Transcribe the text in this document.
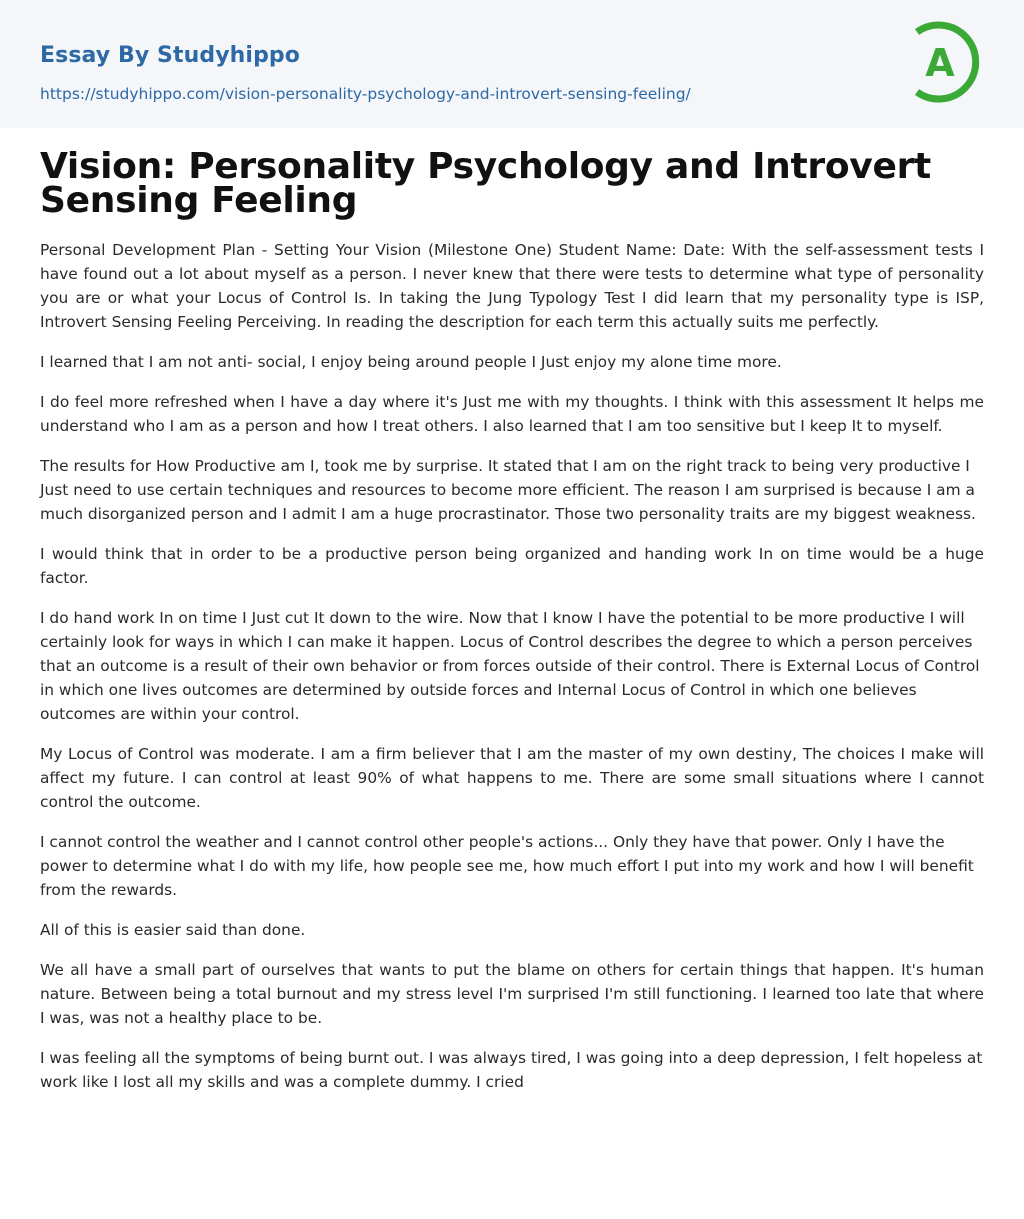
Essay By Studyhippo
https://studyhippo.com/vision-personality-psychology-and-introvert-sensing-feeling/
A
Vision: Personality Psychology and Introvert Sensing Feeling

Personal Development Plan - Setting Your Vision (Milestone One) Student Name: Date: With the self-assessment tests I have found out a lot about myself as a person. I never knew that there were tests to determine what type of personality you are or what your Locus of Control Is. In taking the Jung Typology Test I did learn that my personality type is ISP, Introvert Sensing Feeling Perceiving. In reading the description for each term this actually suits me perfectly.

I learned that I am not anti- social, I enjoy being around people I Just enjoy my alone time more.

I do feel more refreshed when I have a day where it's Just me with my thoughts. I think with this assessment It helps me understand who I am as a person and how I treat others. I also learned that I am too sensitive but I keep It to myself.

The results for How Productive am I, took me by surprise. It stated that I am on the right track to being very productive I Just need to use certain techniques and resources to become more efficient. The reason I am surprised is because I am a much disorganized person and I admit I am a huge procrastinator. Those two personality traits are my biggest weakness.

I would think that in order to be a productive person being organized and handing work In on time would be a huge factor.

I do hand work In on time I Just cut It down to the wire. Now that I know I have the potential to be more productive I will certainly look for ways in which I can make it happen. Locus of Control describes the degree to which a person perceives that an outcome is a result of their own behavior or from forces outside of their control. There is External Locus of Control in which one lives outcomes are determined by outside forces and Internal Locus of Control in which one believes outcomes are within your control.

My Locus of Control was moderate. I am a firm believer that I am the master of my own destiny, The choices I make will affect my future. I can control at least 90% of what happens to me. There are some small situations where I cannot control the outcome.

I cannot control the weather and I cannot control other people's actions... Only they have that power. Only I have the power to determine what I do with my life, how people see me, how much effort I put into my work and how I will benefit from the rewards.

All of this is easier said than done.

We all have a small part of ourselves that wants to put the blame on others for certain things that happen. It's human nature. Between being a total burnout and my stress level I'm surprised I'm still functioning. I learned too late that where I was, was not a healthy place to be.

I was feeling all the symptoms of being burnt out. I was always tired, I was going into a deep depression, I felt hopeless at work like I lost all my skills and was a complete dummy. I cried
